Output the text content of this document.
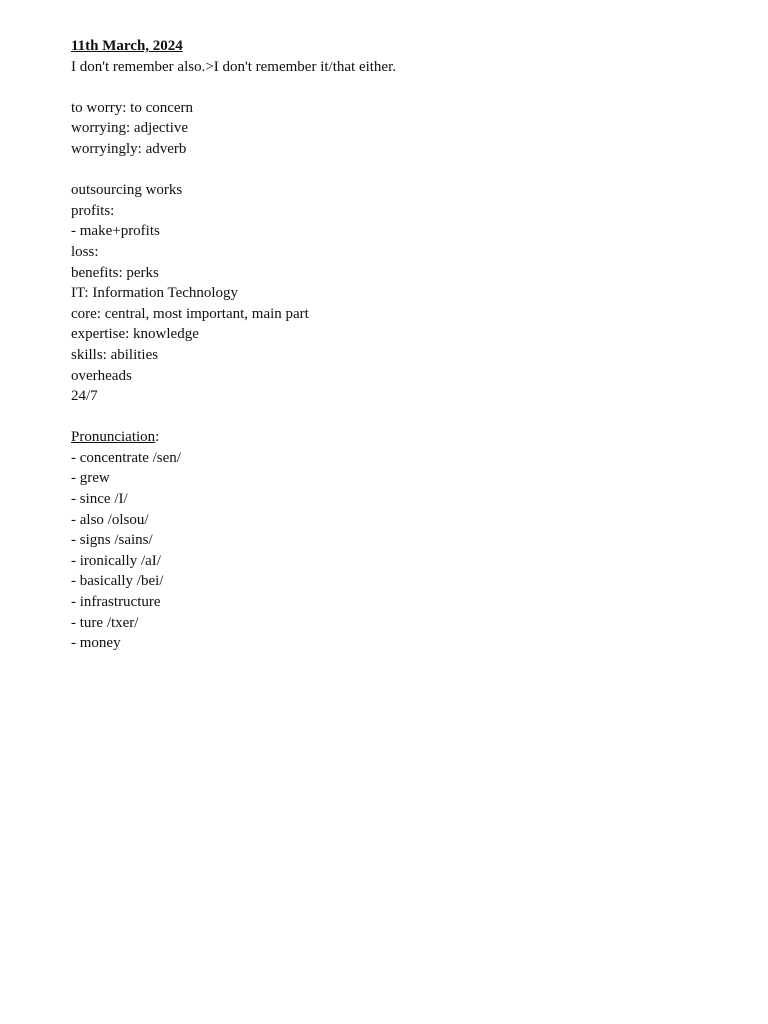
11th March, 2024
I don't remember also.>I don't remember it/that either.
to worry: to concern
worrying: adjective
worryingly: adverb
outsourcing works
profits:
- make+profits
loss:
benefits: perks
IT: Information Technology
core: central, most important, main part
expertise: knowledge
skills: abilities
overheads
24/7
Pronunciation:
- concentrate /sen/
- grew
- since /I/
- also /olsou/
- signs /sains/
- ironically /aI/
- basically /bei/
- infrastructure
- ture /txer/
- money
